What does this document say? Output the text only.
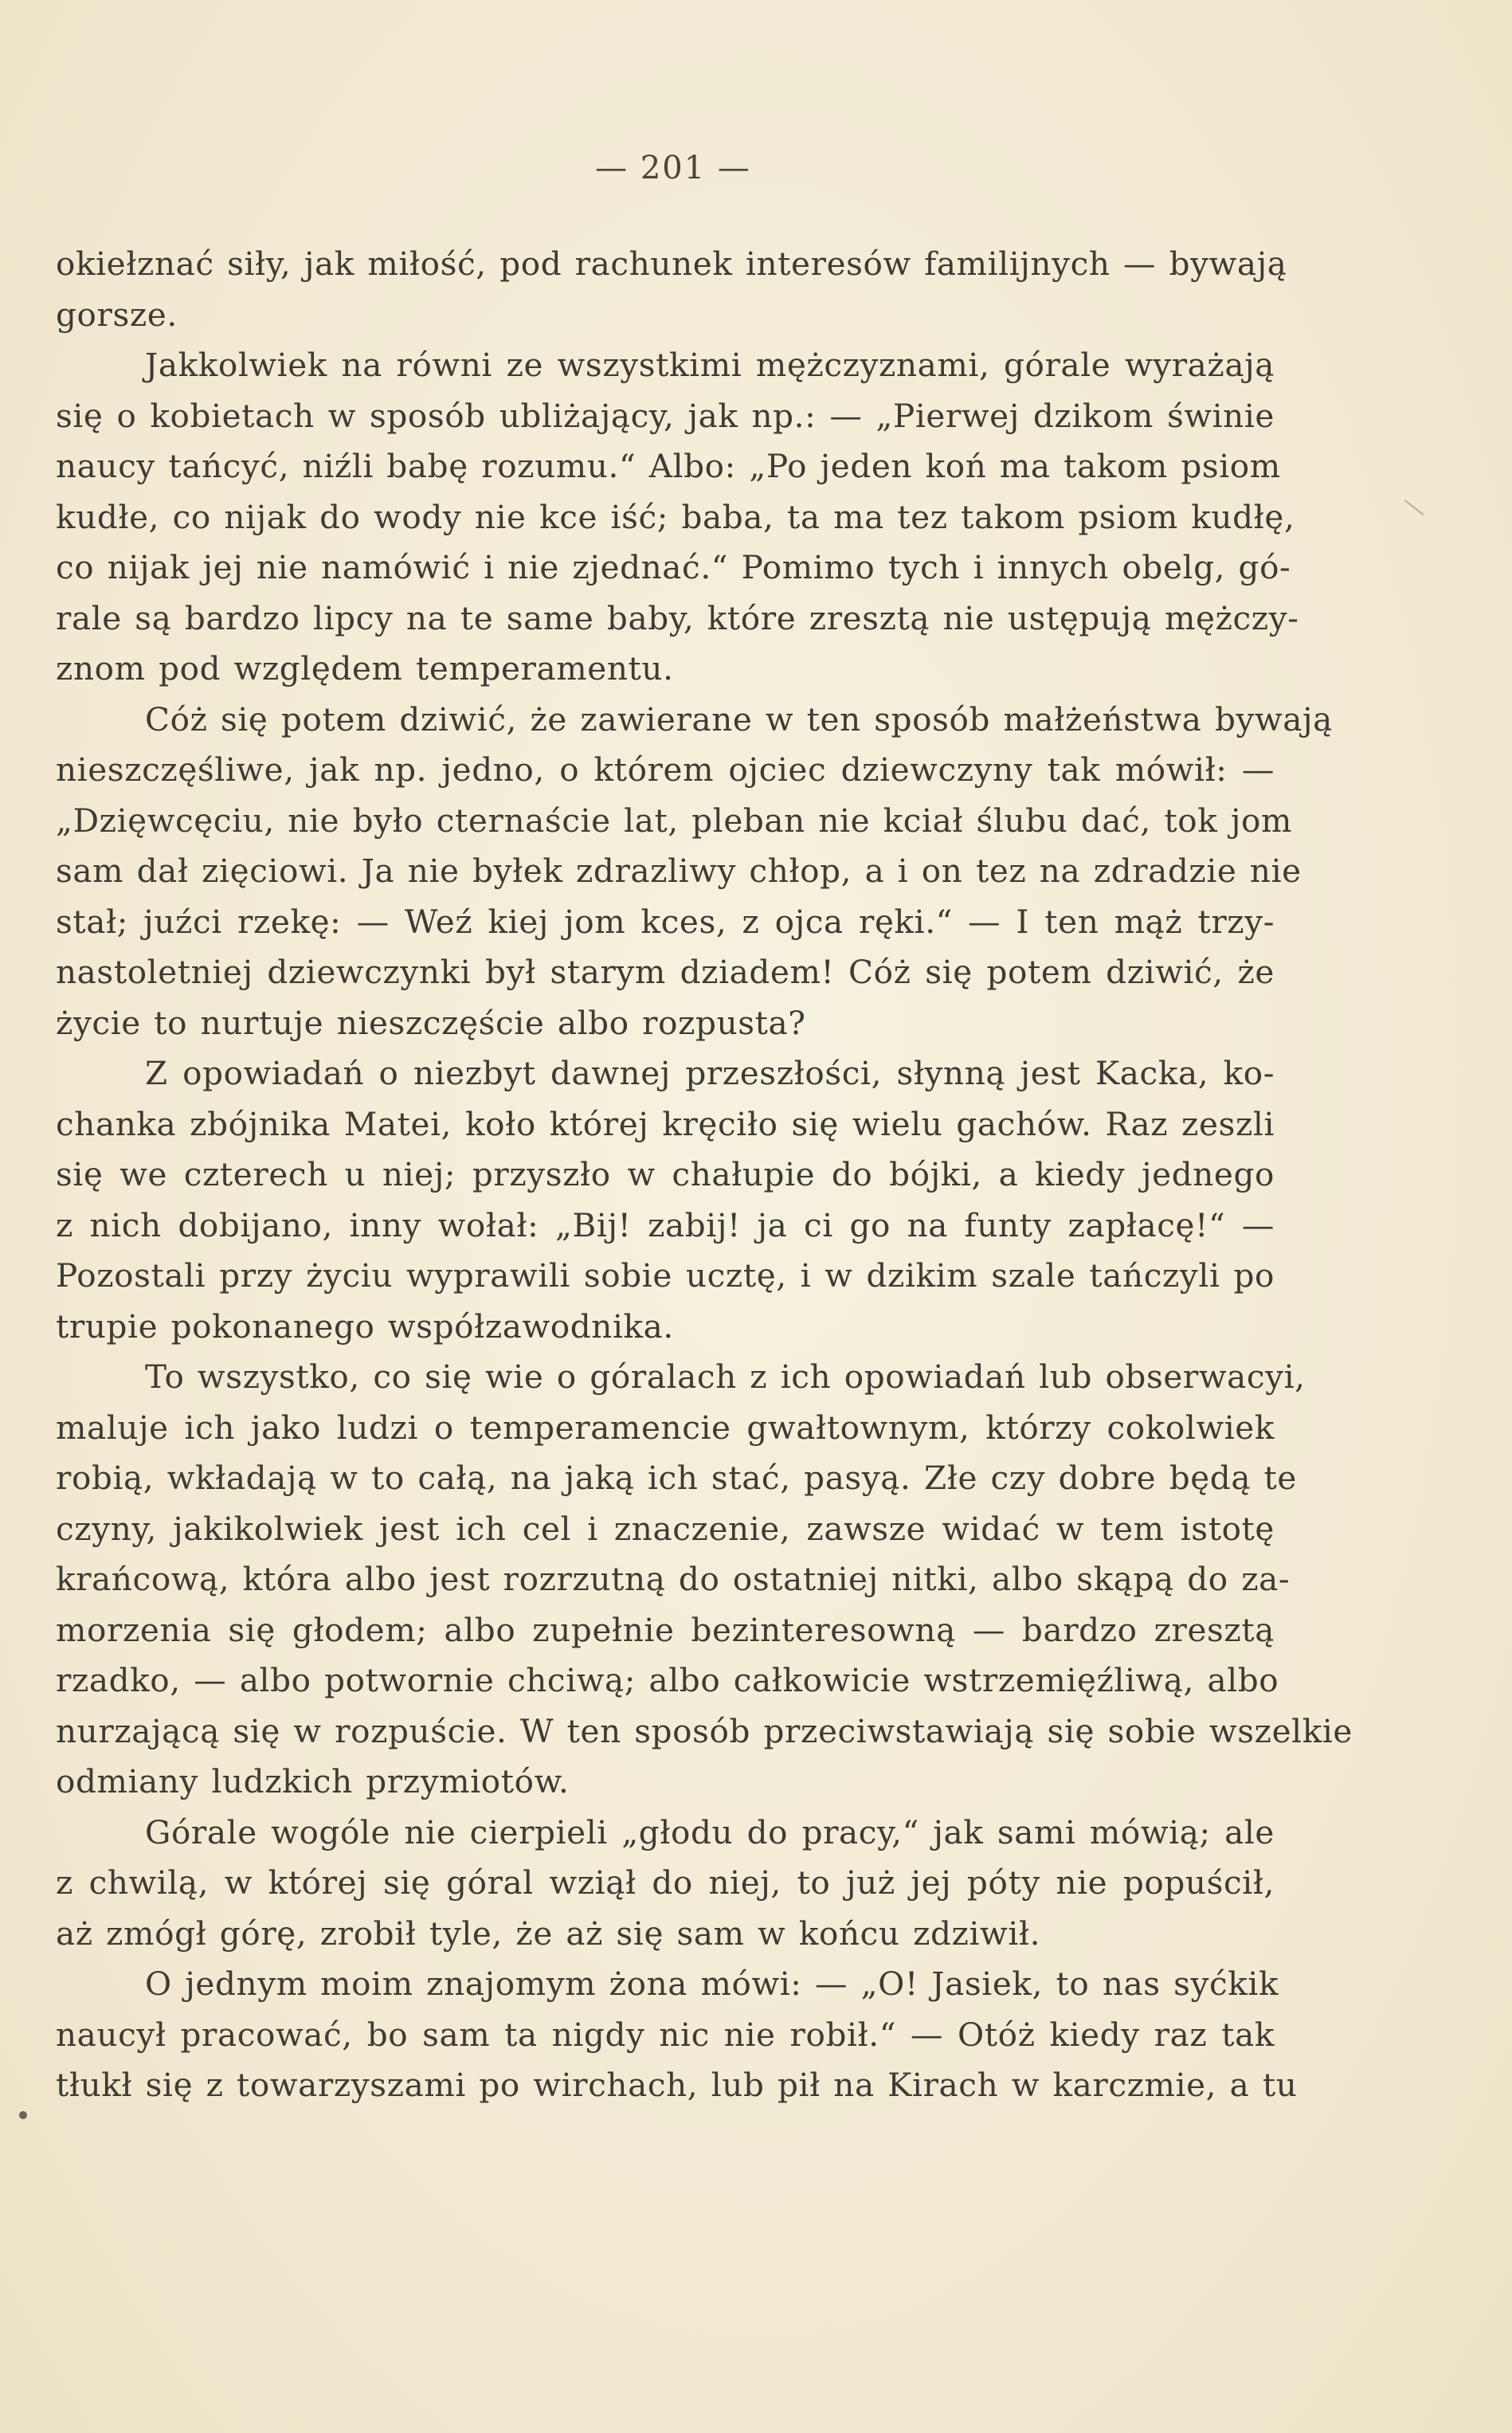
— 201 —
okiełznać siły, jak miłość, pod rachunek interesów familijnych — bywają
gorsze.
Jakkolwiek na równi ze wszystkimi mężczyznami, górale wyrażają
się o kobietach w sposób ubliżający, jak np.: — „Pierwej dzikom świnie
naucy tańcyć, niźli babę rozumu.“ Albo: „Po jeden koń ma takom psiom
kudłe, co nijak do wody nie kce iść; baba, ta ma tez takom psiom kudłę,
co nijak jej nie namówić i nie zjednać.“ Pomimo tych i innych obelg, gó-
rale są bardzo lipcy na te same baby, które zresztą nie ustępują mężczy-
znom pod względem temperamentu.
Cóż się potem dziwić, że zawierane w ten sposób małżeństwa bywają
nieszczęśliwe, jak np. jedno, o którem ojciec dziewczyny tak mówił: —
„Dzięwcęciu, nie było cternaście lat, pleban nie kciał ślubu dać, tok jom
sam dał zięciowi. Ja nie byłek zdrazliwy chłop, a i on tez na zdradzie nie
stał; juźci rzekę: — Weź kiej jom kces, z ojca ręki.“ — I ten mąż trzy-
nastoletniej dziewczynki był starym dziadem! Cóż się potem dziwić, że
życie to nurtuje nieszczęście albo rozpusta?
Z opowiadań o niezbyt dawnej przeszłości, słynną jest Kacka, ko-
chanka zbójnika Matei, koło której kręciło się wielu gachów. Raz zeszli
się we czterech u niej; przyszło w chałupie do bójki, a kiedy jednego
z nich dobijano, inny wołał: „Bij! zabij! ja ci go na funty zapłacę!“ —
Pozostali przy życiu wyprawili sobie ucztę, i w dzikim szale tańczyli po
trupie pokonanego współzawodnika.
To wszystko, co się wie o góralach z ich opowiadań lub obserwacyi,
maluje ich jako ludzi o temperamencie gwałtownym, którzy cokolwiek
robią, wkładają w to całą, na jaką ich stać, pasyą. Złe czy dobre będą te
czyny, jakikolwiek jest ich cel i znaczenie, zawsze widać w tem istotę
krańcową, która albo jest rozrzutną do ostatniej nitki, albo skąpą do za-
morzenia się głodem; albo zupełnie bezinteresowną — bardzo zresztą
rzadko, — albo potwornie chciwą; albo całkowicie wstrzemięźliwą, albo
nurzającą się w rozpuście. W ten sposób przeciwstawiają się sobie wszelkie
odmiany ludzkich przymiotów.
Górale wogóle nie cierpieli „głodu do pracy,“ jak sami mówią; ale
z chwilą, w której się góral wziął do niej, to już jej póty nie popuścił,
aż zmógł górę, zrobił tyle, że aż się sam w końcu zdziwił.
O jednym moim znajomym żona mówi: — „O! Jasiek, to nas syćkik
naucył pracować, bo sam ta nigdy nic nie robił.“ — Otóż kiedy raz tak
tłukł się z towarzyszami po wirchach, lub pił na Kirach w karczmie, a tu
